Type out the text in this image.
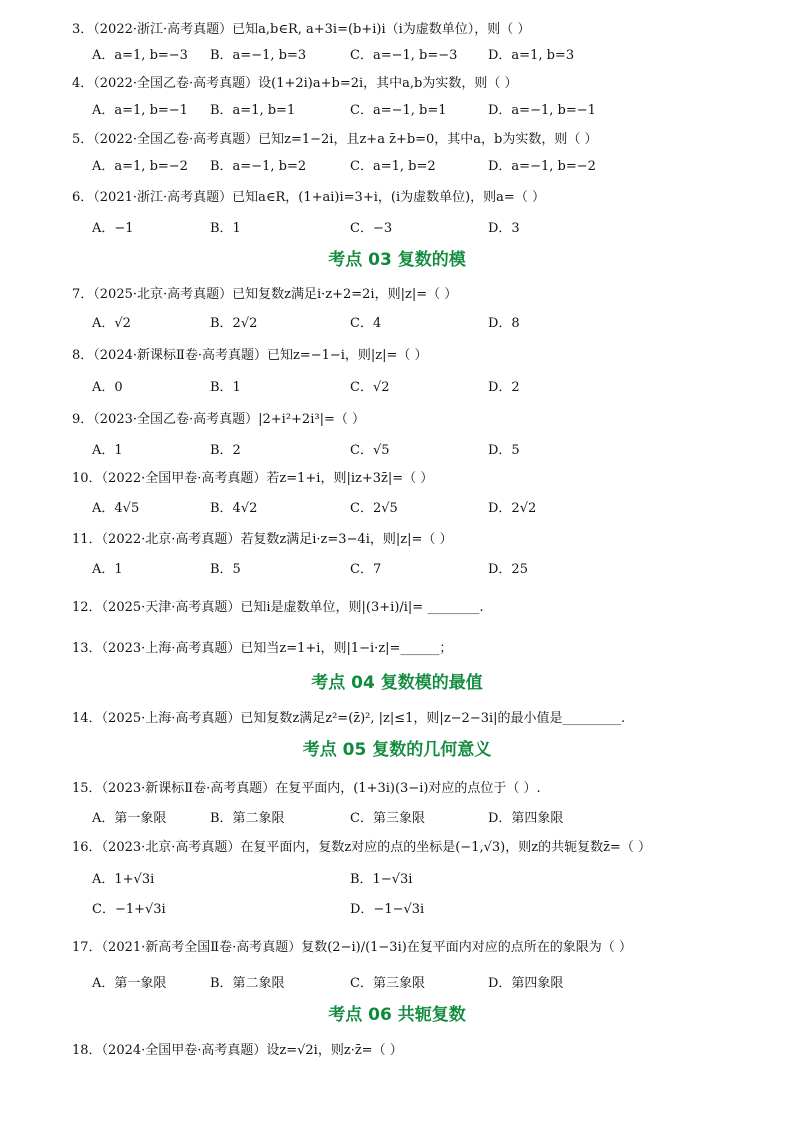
3．（2022·浙江·高考真题）已知a,b∈R, a+3i=(b+i)i（i为虚数单位），则（ ）
A．a=1, b=−3 B．a=−1, b=3	C．a=−1, b=−3 D．a=1, b=3
4．（2022·全国乙卷·高考真题）设(1+2i)a+b=2i，其中a,b为实数，则（ ）
A．a=1, b=−1 B．a=1, b=1	C．a=−1, b=1	D．a=−1, b=−1
5．（2022·全国乙卷·高考真题）已知z=1−2i，且z+a z̄+b=0，其中a，b为实数，则（ ）
A．a=1, b=−2 B．a=−1, b=2	C．a=1, b=2	D．a=−1, b=−2
6．（2021·浙江·高考真题）已知a∈R，(1+ai)i=3+i，(i为虚数单位)，则a=（ ）
A．−1	B．1	C．−3	D．3
考点 03 复数的模
7．（2025·北京·高考真题）已知复数z满足i·z+2=2i，则|z|=（ ）
A．√2	B．2√2	C．4	D．8
8．（2024·新课标Ⅱ卷·高考真题）已知z=−1−i，则|z|=（ ）
A．0	B．1	C．√2	D．2
9．（2023·全国乙卷·高考真题）|2+i²+2i³|=（ ）
A．1	B．2	C．√5	D．5
10．（2022·全国甲卷·高考真题）若z=1+i，则|iz+3z̄|=（ ）
A．4√5	B．4√2	C．2√5	D．2√2
11．（2022·北京·高考真题）若复数z满足i·z=3−4i，则|z|=（ ）
A．1	B．5	C．7	D．25
12．（2025·天津·高考真题）已知i是虚数单位，则|(3+i)/i|= ________.
13．（2023·上海·高考真题）已知当z=1+i，则|1−i·z|=______；
考点 04 复数模的最值
14．（2025·上海·高考真题）已知复数z满足z²=(z̄)², |z|≤1，则|z−2−3i|的最小值是_________.
考点 05 复数的几何意义
15．（2023·新课标Ⅱ卷·高考真题）在复平面内，(1+3i)(3−i)对应的点位于（ ）.
A．第一象限	B．第二象限	C．第三象限	D．第四象限
16．（2023·北京·高考真题）在复平面内，复数z对应的点的坐标是(−1,√3)，则z的共轭复数z̄=（ ）
A．1+√3i	B．1−√3i
C．−1+√3i	D．−1−√3i
17．（2021·新高考全国Ⅱ卷·高考真题）复数(2−i)/(1−3i)在复平面内对应的点所在的象限为（ ）
A．第一象限	B．第二象限	C．第三象限	D．第四象限
考点 06 共轭复数
18．（2024·全国甲卷·高考真题）设z=√2i，则z·z̄=（ ）
